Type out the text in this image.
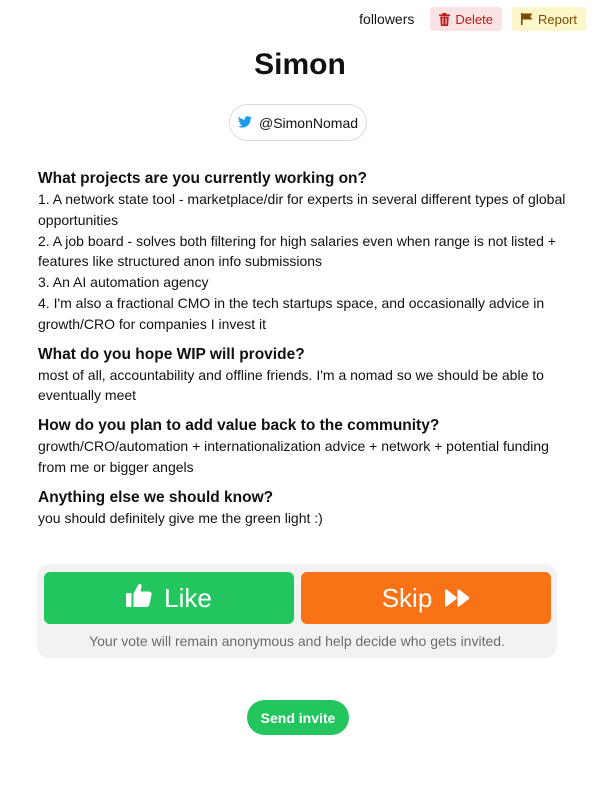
followers	Delete	Report
Simon
@SimonNomad
What projects are you currently working on?
1. A network state tool - marketplace/dir for experts in several different types of global opportunities
2. A job board - solves both filtering for high salaries even when range is not listed + features like structured anon info submissions
3. An AI automation agency
4. I'm also a fractional CMO in the tech startups space, and occasionally advice in growth/CRO for companies I invest it
What do you hope WIP will provide?
most of all, accountability and offline friends. I'm a nomad so we should be able to eventually meet
How do you plan to add value back to the community?
growth/CRO/automation + internationalization advice + network + potential funding from me or bigger angels
Anything else we should know?
you should definitely give me the green light :)
Like	Skip
Your vote will remain anonymous and help decide who gets invited.
Send invite
